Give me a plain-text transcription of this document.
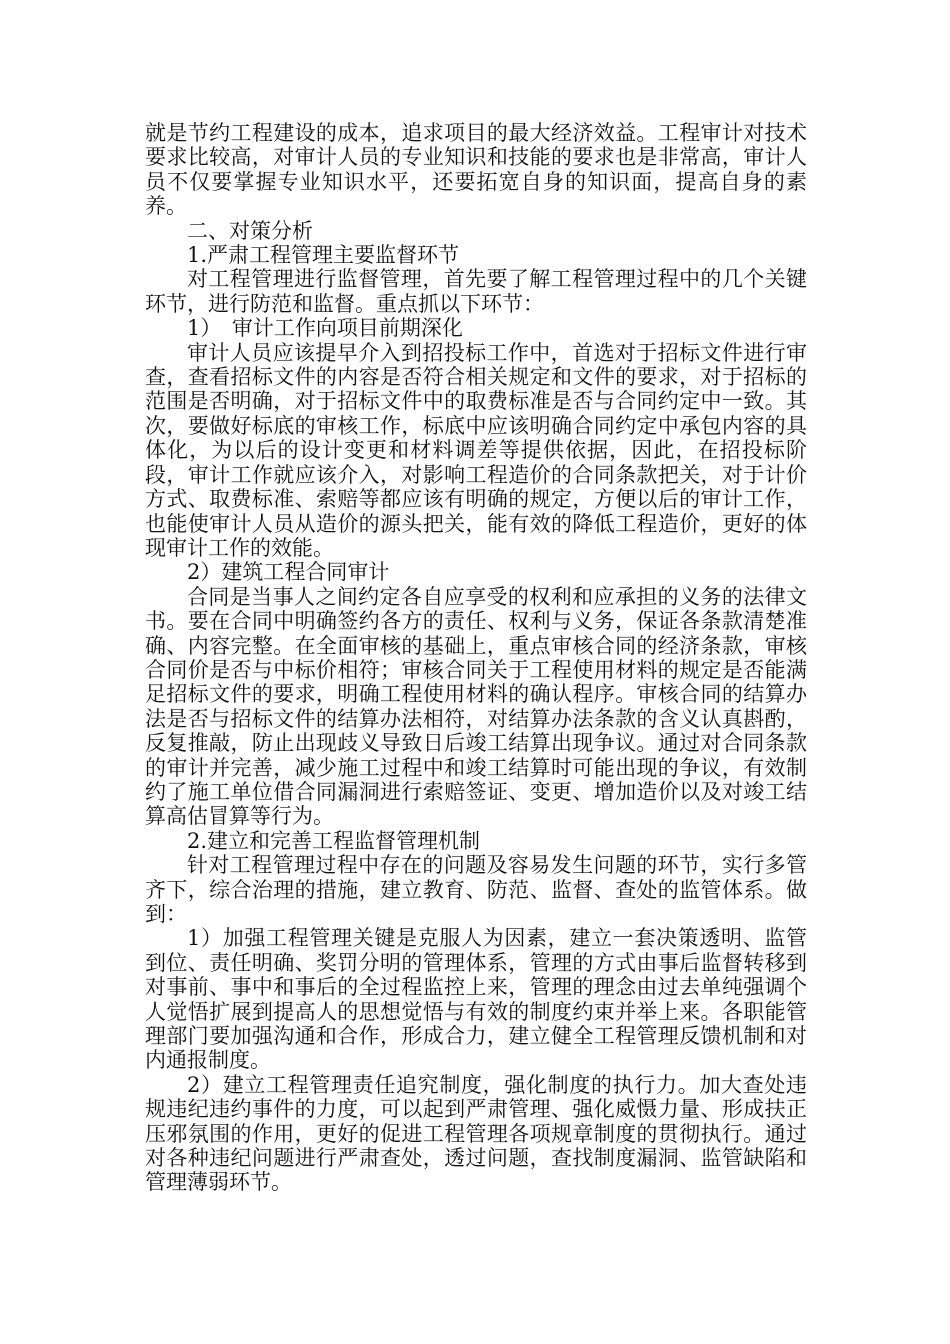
就是节约工程建设的成本，追求项目的最大经济效益。工程审计对技术要求比较高，对审计人员的专业知识和技能的要求也是非常高，审计人员不仅要掌握专业知识水平，还要拓宽自身的知识面，提高自身的素养。

二、对策分析

1.严肃工程管理主要监督环节

对工程管理进行监督管理，首先要了解工程管理过程中的几个关键环节，进行防范和监督。重点抓以下环节：

1）　审计工作向项目前期深化

审计人员应该提早介入到招投标工作中，首选对于招标文件进行审查，查看招标文件的内容是否符合相关规定和文件的要求，对于招标的范围是否明确，对于招标文件中的取费标准是否与合同约定中一致。其次，要做好标底的审核工作，标底中应该明确合同约定中承包内容的具体化，为以后的设计变更和材料调差等提供依据，因此，在招投标阶段，审计工作就应该介入，对影响工程造价的合同条款把关，对于计价方式、取费标准、索赔等都应该有明确的规定，方便以后的审计工作，也能使审计人员从造价的源头把关，能有效的降低工程造价，更好的体现审计工作的效能。

2）建筑工程合同审计

合同是当事人之间约定各自应享受的权利和应承担的义务的法律文书。要在合同中明确签约各方的责任、权利与义务，保证各条款清楚准确、内容完整。在全面审核的基础上，重点审核合同的经济条款，审核合同价是否与中标价相符；审核合同关于工程使用材料的规定是否能满足招标文件的要求，明确工程使用材料的确认程序。审核合同的结算办法是否与招标文件的结算办法相符，对结算办法条款的含义认真斟酌，反复推敲，防止出现歧义导致日后竣工结算出现争议。通过对合同条款的审计并完善，减少施工过程中和竣工结算时可能出现的争议，有效制约了施工单位借合同漏洞进行索赔签证、变更、增加造价以及对竣工结算高估冒算等行为。

2.建立和完善工程监督管理机制

针对工程管理过程中存在的问题及容易发生问题的环节，实行多管齐下，综合治理的措施，建立教育、防范、监督、查处的监管体系。做到：

1）加强工程管理关键是克服人为因素，建立一套决策透明、监管到位、责任明确、奖罚分明的管理体系，管理的方式由事后监督转移到对事前、事中和事后的全过程监控上来，管理的理念由过去单纯强调个人觉悟扩展到提高人的思想觉悟与有效的制度约束并举上来。各职能管理部门要加强沟通和合作，形成合力，建立健全工程管理反馈机制和对内通报制度。

2）建立工程管理责任追究制度，强化制度的执行力。加大查处违规违纪违约事件的力度，可以起到严肃管理、强化威慑力量、形成扶正压邪氛围的作用，更好的促进工程管理各项规章制度的贯彻执行。通过对各种违纪问题进行严肃查处，透过问题，查找制度漏洞、监管缺陷和管理薄弱环节。
